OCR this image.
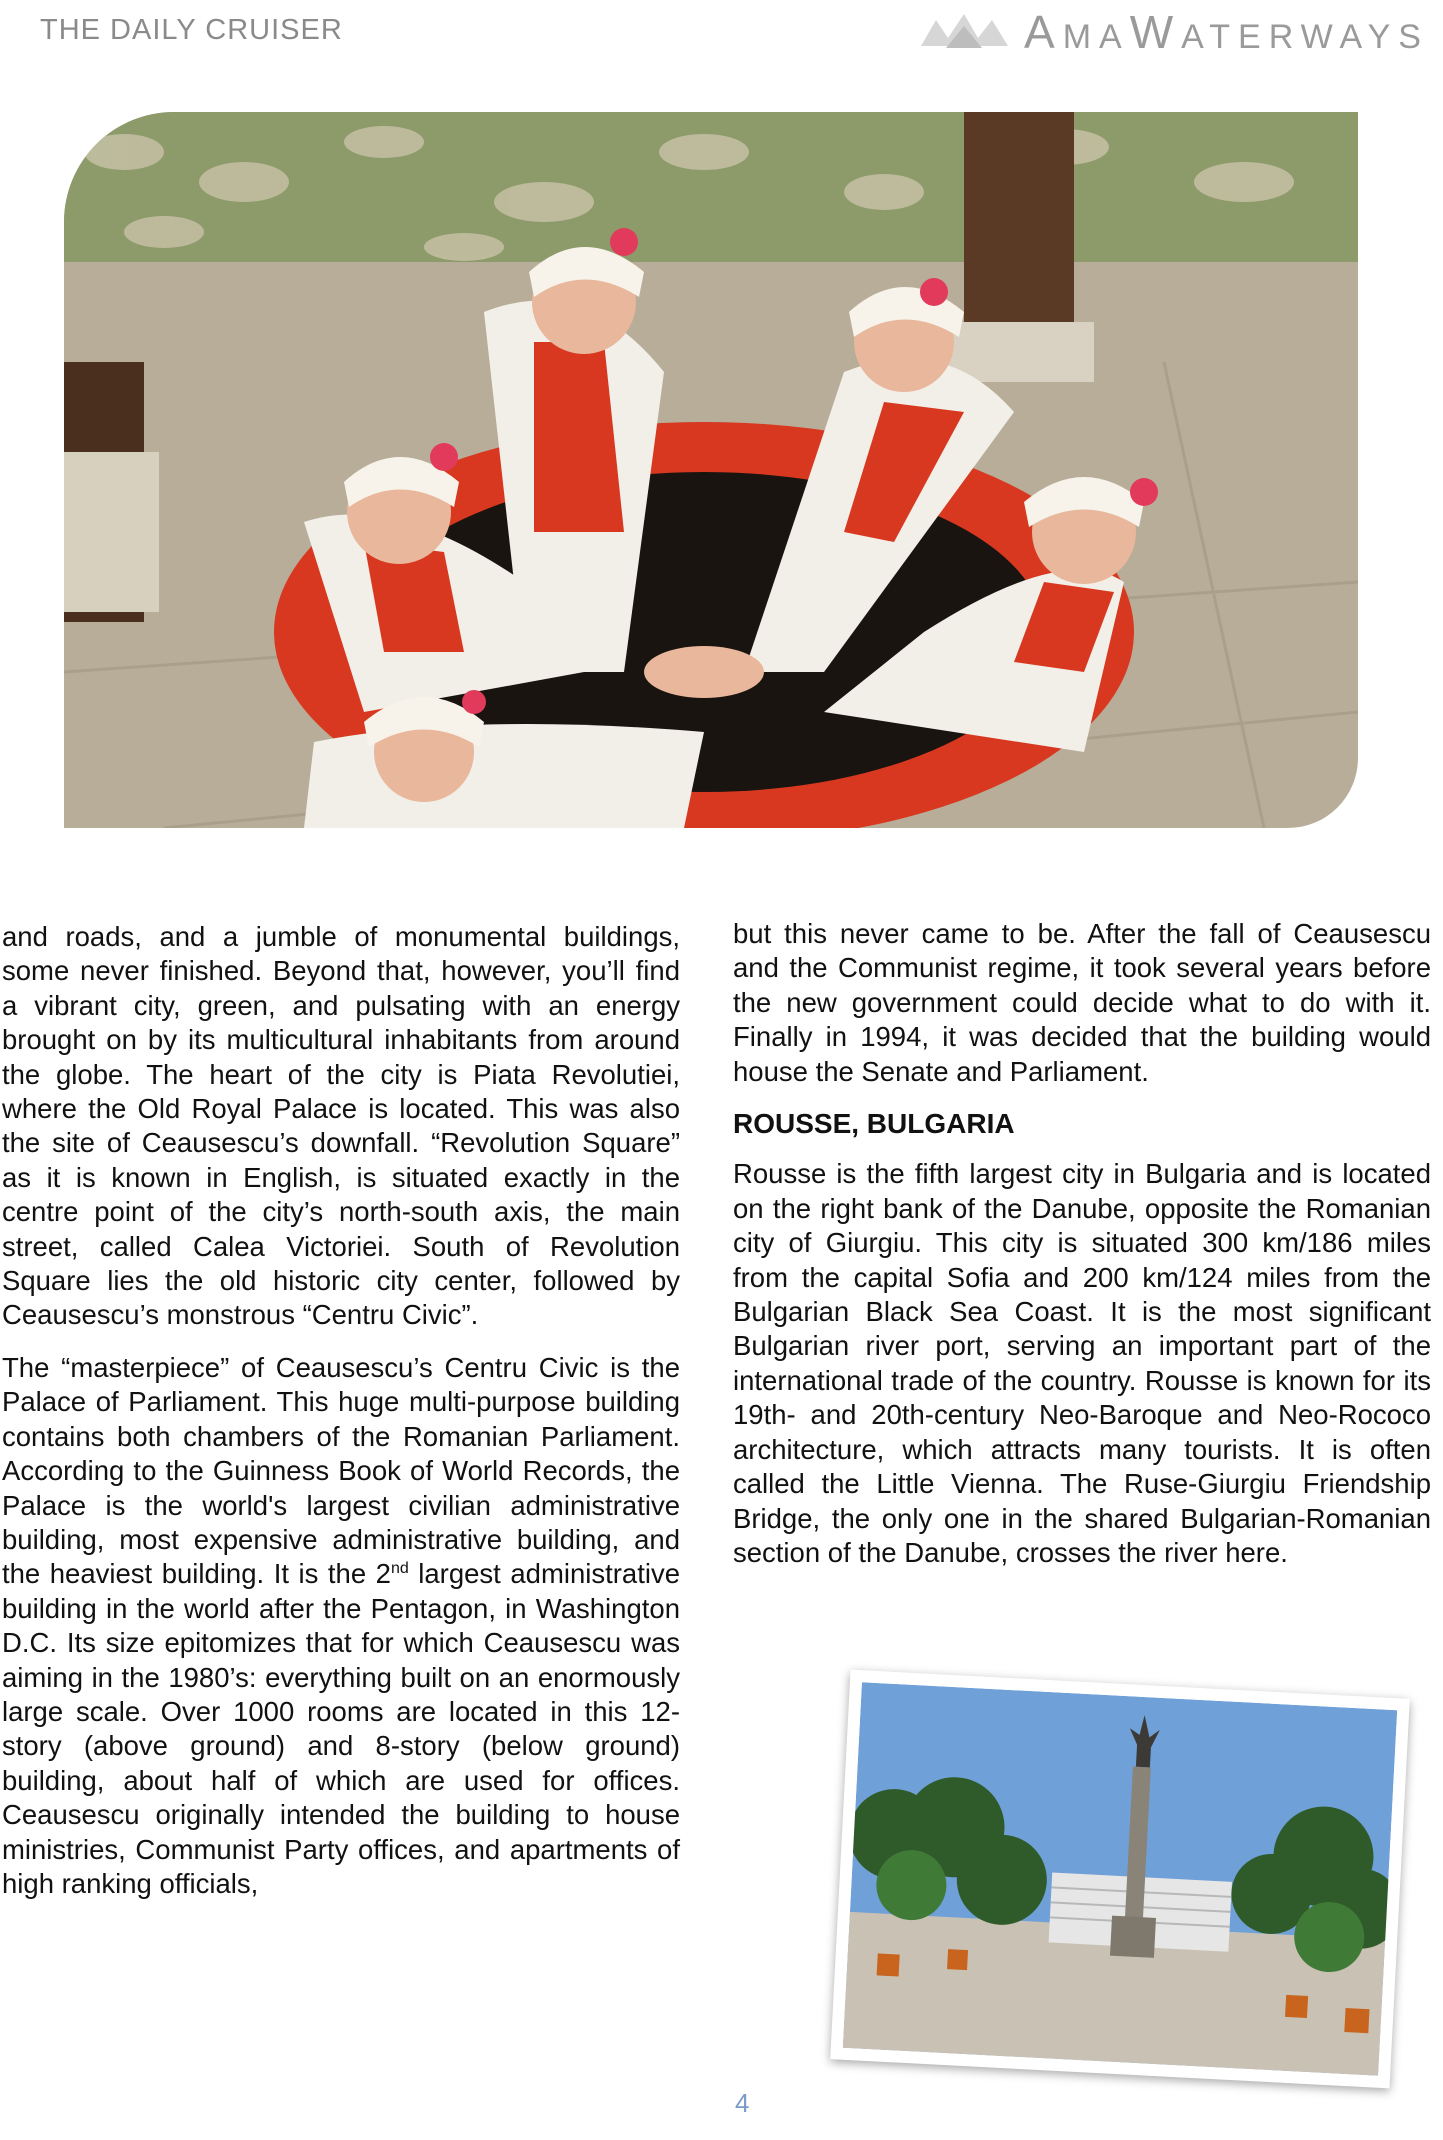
THE DAILY CRUISER	AMAWATERWAYS

and roads, and a jumble of monumental buildings, some never finished. Beyond that, however, you’ll find a vibrant city, green, and pulsating with an energy brought on by its multicultural inhabitants from around the globe. The heart of the city is Piata Revolutiei, where the Old Royal Palace is located. This was also the site of Ceausescu’s downfall. “Revolution Square” as it is known in English, is situated exactly in the centre point of the city’s north-south axis, the main street, called Calea Victoriei. South of Revolution Square lies the old historic city center, followed by Ceausescu’s monstrous “Centru Civic”.

The “masterpiece” of Ceausescu’s Centru Civic is the Palace of Parliament. This huge multi-purpose building contains both chambers of the Romanian Parliament. According to the Guinness Book of World Records, the Palace is the world's largest civilian administrative building, most expensive administrative building, and the heaviest building. It is the 2nd largest administrative building in the world after the Pentagon, in Washington D.C. Its size epitomizes that for which Ceausescu was aiming in the 1980’s: everything built on an enormously large scale. Over 1000 rooms are located in this 12-story (above ground) and 8-story (below ground) building, about half of which are used for offices. Ceausescu originally intended the building to house ministries, Communist Party offices, and apartments of high ranking officials,

but this never came to be. After the fall of Ceausescu and the Communist regime, it took several years before the new government could decide what to do with it. Finally in 1994, it was decided that the building would house the Senate and Parliament.

ROUSSE, BULGARIA

Rousse is the fifth largest city in Bulgaria and is located on the right bank of the Danube, opposite the Romanian city of Giurgiu. This city is situated 300 km/186 miles from the capital Sofia and 200 km/124 miles from the Bulgarian Black Sea Coast. It is the most significant Bulgarian river port, serving an important part of the international trade of the country. Rousse is known for its 19th- and 20th-century Neo-Baroque and Neo-Rococo architecture, which attracts many tourists. It is often called the Little Vienna. The Ruse-Giurgiu Friendship Bridge, the only one in the shared Bulgarian-Romanian section of the Danube, crosses the river here.

4
